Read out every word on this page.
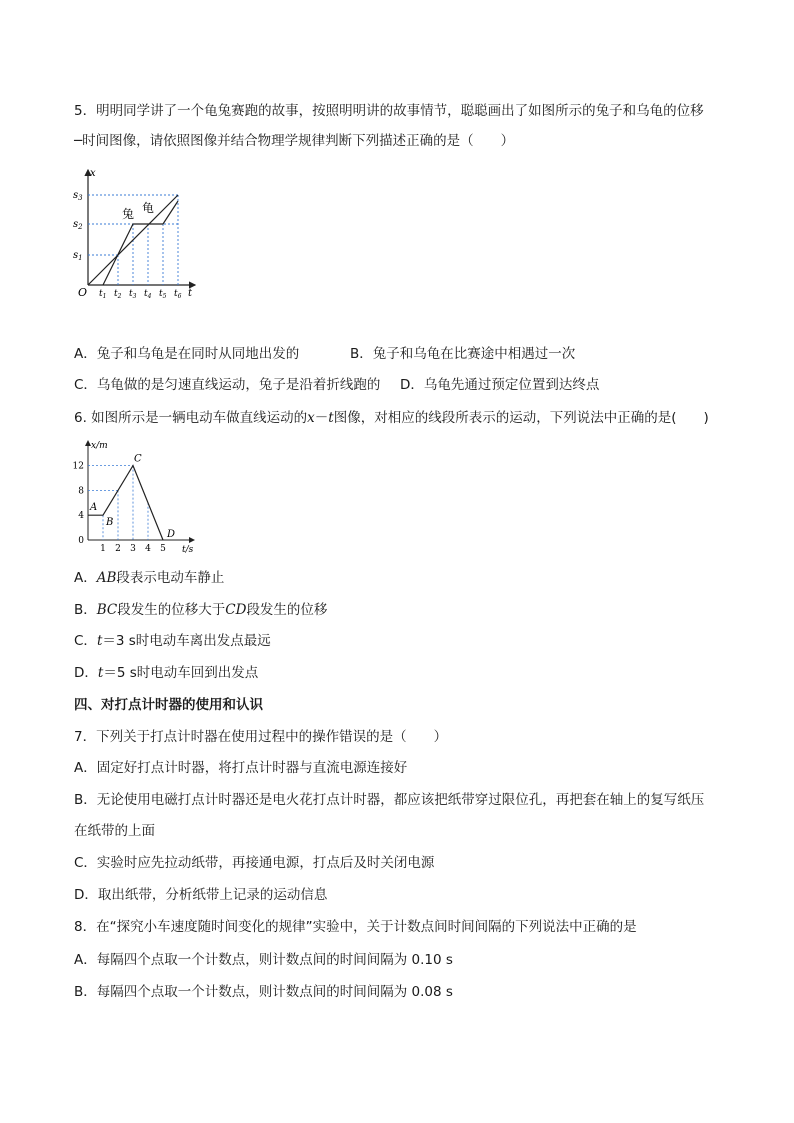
5．明明同学讲了一个龟兔赛跑的故事，按照明明讲的故事情节，聪聪画出了如图所示的兔子和乌龟的位移
─时间图像，请依照图像并结合物理学规律判断下列描述正确的是（　　）
x
t
O
兔 龟
$s_3$
$s_2$
$s_1$
$t_1$ $t_2$ $t_3$ $t_4$ $t_5$ $t_6$
A．兔子和乌龟是在同时从同地出发的	B．兔子和乌龟在比赛途中相遇过一次
C．乌龟做的是匀速直线运动，兔子是沿着折线跑的 D．乌龟先通过预定位置到达终点
6. 如图所示是一辆电动车做直线运动的x－t图像，对相应的线段所表示的运动，下列说法中正确的是(　　)
12
8
4
0
1 2 3 4 5
A
B
C
D
x/m
t/s
A．AB段表示电动车静止
B．BC段发生的位移大于CD段发生的位移
C．t＝3 s时电动车离出发点最远
D．t＝5 s时电动车回到出发点
四、对打点计时器的使用和认识
7．下列关于打点计时器在使用过程中的操作错误的是（　　）
A．固定好打点计时器，将打点计时器与直流电源连接好
B．无论使用电磁打点计时器还是电火花打点计时器，都应该把纸带穿过限位孔，再把套在轴上的复写纸压
在纸带的上面
C．实验时应先拉动纸带，再接通电源，打点后及时关闭电源
D．取出纸带，分析纸带上记录的运动信息
8．在“探究小车速度随时间变化的规律”实验中，关于计数点间时间间隔的下列说法中正确的是
A．每隔四个点取一个计数点，则计数点间的时间间隔为 0.10 s
B．每隔四个点取一个计数点，则计数点间的时间间隔为 0.08 s
